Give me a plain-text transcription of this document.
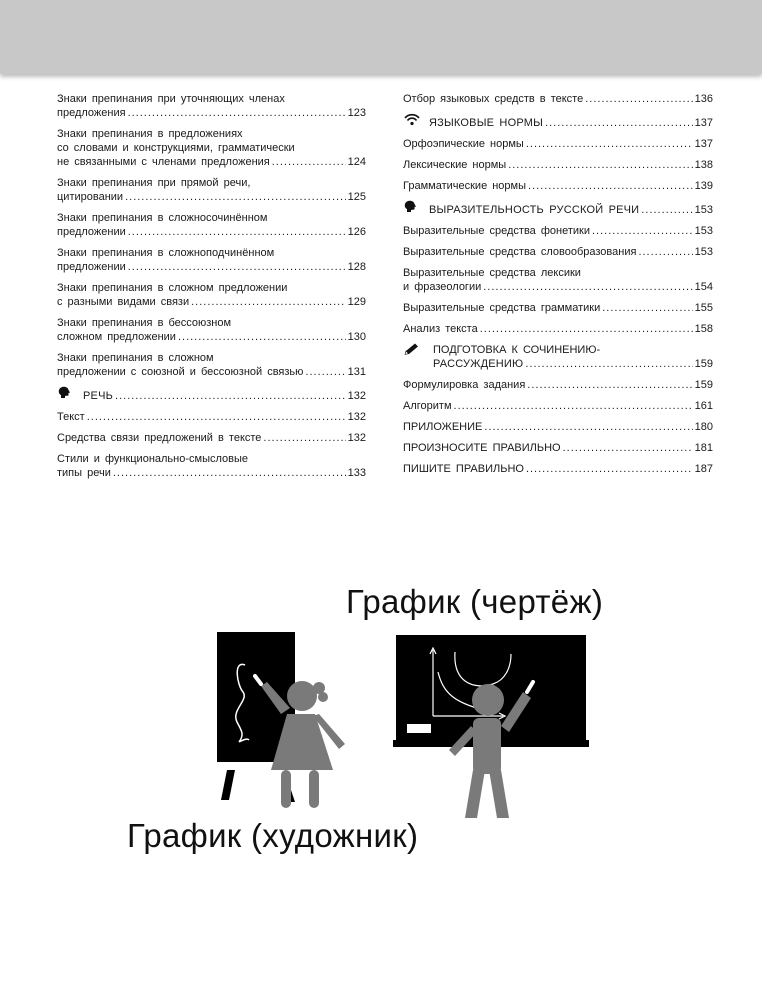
Знаки препинания при уточняющих членах
предложения .....	123
Знаки препинания в предложениях
со словами и конструкциями, грамматически
не связанными с членами предложения .....	124
Знаки препинания при прямой речи,
цитировании .....	125
Знаки препинания в сложносочинённом
предложении .....	126
Знаки препинания в сложноподчинённом
предложении .....	128
Знаки препинания в сложном предложении
с разными видами связи .....	129
Знаки препинания в бессоюзном
сложном предложении .....	130
Знаки препинания в сложном
предложении с союзной и бессоюзной связью .....	131
РЕЧЬ .....	132
Текст .....	132
Средства связи предложений в тексте .....	132
Стили и функционально-смысловые
типы речи .....	133
Отбор языковых средств в тексте .....	136
ЯЗЫКОВЫЕ НОРМЫ .....	137
Орфоэпические нормы .....	137
Лексические нормы .....	138
Грамматические нормы .....	139
ВЫРАЗИТЕЛЬНОСТЬ РУССКОЙ РЕЧИ .....	153
Выразительные средства фонетики .....	153
Выразительные средства словообразования .....	153
Выразительные средства лексики
и фразеологии .....	154
Выразительные средства грамматики .....	155
Анализ текста .....	158
ПОДГОТОВКА К СОЧИНЕНИЮ-
РАССУЖДЕНИЮ .....	159
Формулировка задания .....	159
Алгоритм .....	161
ПРИЛОЖЕНИЕ .....	180
ПРОИЗНОСИТЕ ПРАВИЛЬНО .....	181
ПИШИТЕ ПРАВИЛЬНО .....	187
График (чертёж)
График (художник)
